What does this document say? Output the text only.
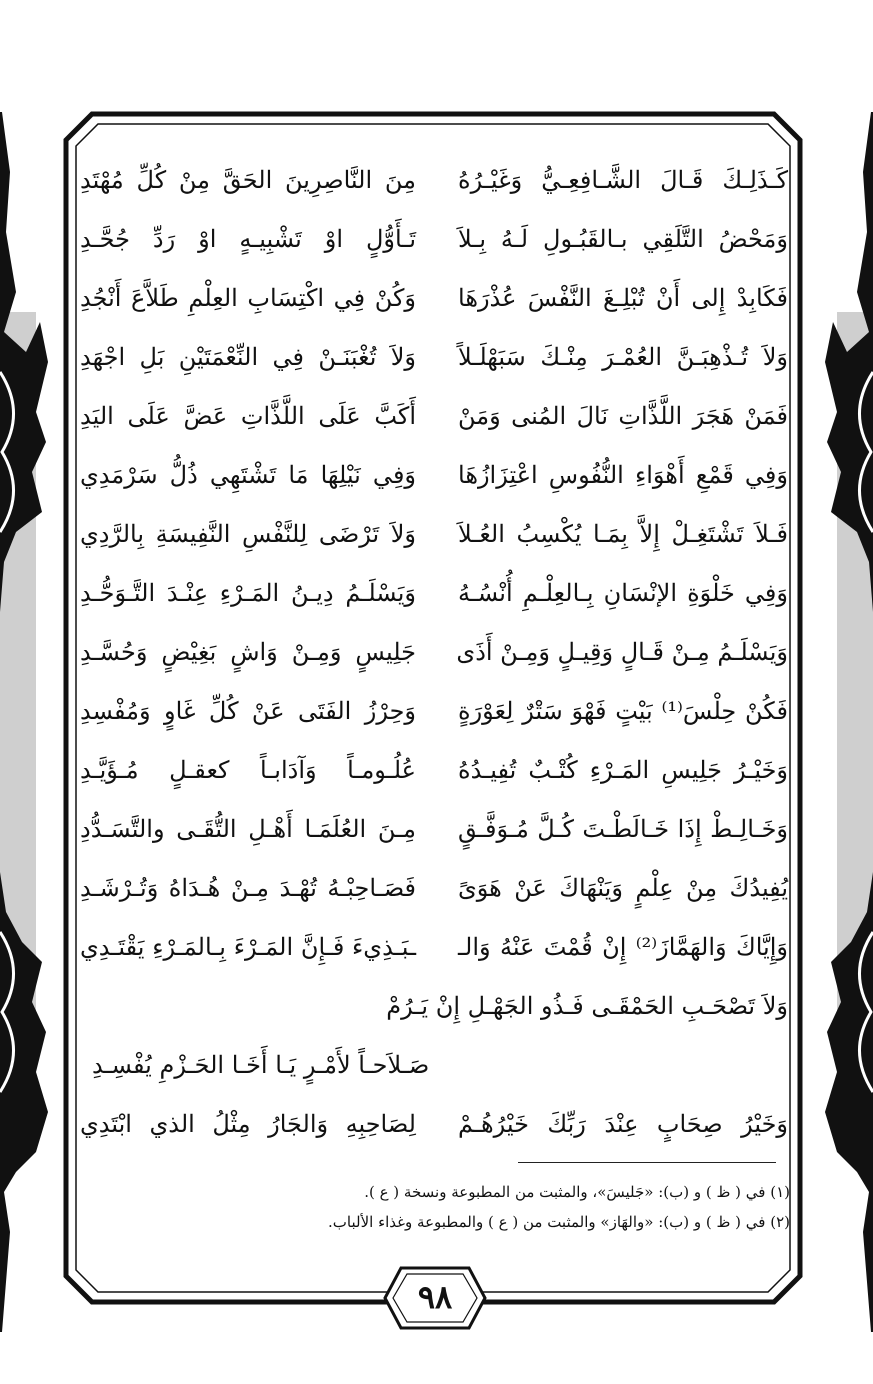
كَـذَلِـكَ قَـالَ الشَّـافِعِـيُّ وَغَيْـرُهُ
مِنَ النَّاصِرِينَ الحَقَّ مِنْ كُلِّ مُهْتَدِ
وَمَحْضُ التَّلَقِي بـالقَبُـولِ لَـهُ بِـلاَ
تَـأَوُّلٍ اوْ تَشْبِيـهٍ اوْ رَدِّ جُحَّـدِ
فَكَابِدْ إِلى أَنْ تُبْلِـغَ النَّفْسَ عُذْرَهَا
وَكُنْ فِي اكْتِسَابِ العِلْمِ طَلاَّعَ أَنْجُدِ
وَلاَ تُـذْهِبَـنَّ العُمْـرَ مِنْـكَ سَبَهْلَـلاً
وَلاَ تُغْبَنَـنْ فِي النِّعْمَتَيْنِ بَلِ اجْهَدِ
فَمَنْ هَجَرَ اللَّذَّاتِ نَالَ المُنى وَمَنْ
أَكَبَّ عَلَى اللَّذَّاتِ عَضَّ عَلَى اليَدِ
وَفِي قَمْعِ أَهْوَاءِ النُّفُوسِ اعْتِزَازُهَا
وَفِي نَيْلِهَا مَا تَشْتَهِي ذُلُّ سَرْمَدِي
فَـلاَ تَشْتَغِـلْ إِلاَّ بِمَـا يُكْسِبُ العُـلاَ
وَلاَ تَرْضَى لِلنَّفْسِ النَّفِيسَةِ بِالرَّدِي
وَفِي خَلْوَةِ الإنْسَانِ بِـالعِلْـمِ أُنْسُـهُ
وَيَسْلَـمُ دِيـنُ المَـرْءِ عِنْـدَ التَّـوَحُّـدِ
وَيَسْلَـمُ مِـنْ قَـالٍ وَقِيـلٍ وَمِـنْ أَذَى
جَلِيسٍ وَمِـنْ وَاشٍ بَغِيْضٍ وَحُسَّـدِ
فَكُنْ حِلْسَ⁽¹⁾ بَيْتٍ فَهْوَ سَتْرٌ لِعَوْرَةٍ
وَحِرْزُ الفَتَى عَنْ كُلِّ غَاوٍ وَمُفْسِدِ
وَخَيْـرُ جَلِيسِ المَـرْءِ كُتْـبٌ تُفِيـدُهُ
عُلُـومـاً وَآدَابـاً كعقـلٍ مُـؤَيَّـدِ
وَخَـالِـطْ إِذَا خَـالَطْـتَ كُـلَّ مُـوَفَّـقٍ
مِـنَ العُلَمَـا أَهْـلِ التُّقَـى والتَّسَـدُّدِ
يُفِيدُكَ مِنْ عِلْمٍ وَيَنْهَاكَ عَنْ هَوَىً
فَصَـاحِبْـهُ تُهْـدَ مِـنْ هُـدَاهُ وَتُـرْشَـدِ
وَإِيَّاكَ وَالهَمَّازَ⁽²⁾ إِنْ قُمْتَ عَنْهُ وَالـ
ـبَـذِيءَ فَـإِنَّ المَـرْءَ بِـالمَـرْءِ يَقْتَـدِي
وَلاَ تَصْحَـبِ الحَمْقَـى فَـذُو الجَهْـلِ إِنْ يَـرُمْ
صَـلاَحـاً لأَمْـرٍ يَـا أَخَـا الحَـزْمِ يُفْسِـدِ
وَخَيْرُ صِحَابٍ عِنْدَ رَبِّكَ خَيْرُهُـمْ
لِصَاحِبِهِ وَالجَارُ مِثْلُ الذي ابْتَدِي

(١) في ( ظ ) و (ب): «جَليسَ»، والمثبت من المطبوعة ونسخة ( ع ).

(٢) في ( ظ ) و (ب): «والهَاز» والمثبت من ( ع ) والمطبوعة وغذاء الألباب.

٩٨
